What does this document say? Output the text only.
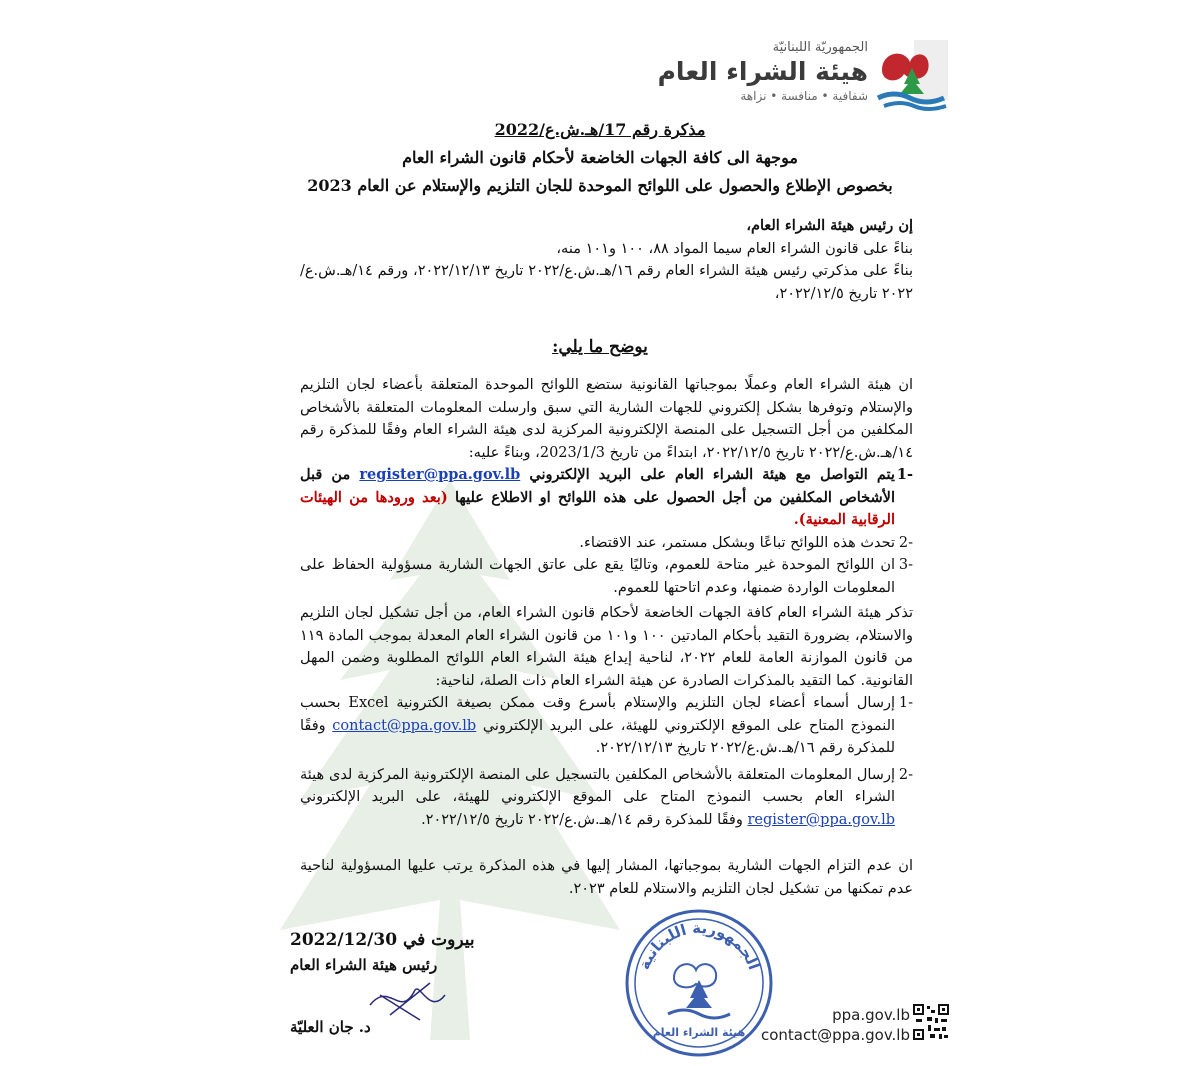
الجمهوريّة اللبنانيّة
هيئة الشراء العام
شفافية • منافسة • نزاهة
مذكرة رقم 17/هـ.ش.ع/2022
موجهة الى كافة الجهات الخاضعة لأحكام قانون الشراء العام
بخصوص الإطلاع والحصول على اللوائح الموحدة للجان التلزيم والإستلام عن العام 2023
إن رئيس هيئة الشراء العام،
بناءً على قانون الشراء العام سيما المواد ٨٨، ١٠٠ و١٠١ منه،
بناءً على مذكرتي رئيس هيئة الشراء العام رقم ١٦/هـ.ش.ع/٢٠٢٢ تاريخ ٢٠٢٢/١٢/١٣، ورقم ١٤/هـ.ش.ع/٢٠٢٢ تاريخ ٢٠٢٢/١٢/٥،
يوضح ما يلي:
ان هيئة الشراء العام وعملًا بموجباتها القانونية ستضع اللوائح الموحدة المتعلقة بأعضاء لجان التلزيم والإستلام وتوفرها بشكل إلكتروني للجهات الشارية التي سبق وارسلت المعلومات المتعلقة بالأشخاص المكلفين من أجل التسجيل على المنصة الإلكترونية المركزية لدى هيئة الشراء العام وفقًا للمذكرة رقم ١٤/هـ.ش.ع/٢٠٢٢ تاريخ ٢٠٢٢/١٢/٥، ابتداءً من تاريخ 2023/1/3، وبناءً عليه:
-1
يتم التواصل مع هيئة الشراء العام على البريد الإلكتروني register@ppa.gov.lb من قبل الأشخاص المكلفين من أجل الحصول على هذه اللوائح او الاطلاع عليها (بعد ورودها من الهيئات الرقابية المعنية).
-2
تحدث هذه اللوائح تباعًا وبشكل مستمر، عند الاقتضاء.
-3
ان اللوائح الموحدة غير متاحة للعموم، وتاليًا يقع على عاتق الجهات الشارية مسؤولية الحفاظ على المعلومات الواردة ضمنها، وعدم اتاحتها للعموم.
تذكر هيئة الشراء العام كافة الجهات الخاضعة لأحكام قانون الشراء العام، من أجل تشكيل لجان التلزيم والاستلام، بضرورة التقيد بأحكام المادتين ١٠٠ و١٠١ من قانون الشراء العام المعدلة بموجب المادة ١١٩ من قانون الموازنة العامة للعام ٢٠٢٢، لناحية إيداع هيئة الشراء العام اللوائح المطلوبة وضمن المهل القانونية. كما التقيد بالمذكرات الصادرة عن هيئة الشراء العام ذات الصلة، لناحية:
-1
إرسال أسماء أعضاء لجان التلزيم والإستلام بأسرع وقت ممكن بصيغة الكترونية Excel بحسب النموذج المتاح على الموقع الإلكتروني للهيئة، على البريد الإلكتروني contact@ppa.gov.lb وفقًا للمذكرة رقم ١٦/هـ.ش.ع/٢٠٢٢ تاريخ ٢٠٢٢/١٢/١٣.
-2
إرسال المعلومات المتعلقة بالأشخاص المكلفين بالتسجيل على المنصة الإلكترونية المركزية لدى هيئة الشراء العام بحسب النموذج المتاح على الموقع الإلكتروني للهيئة، على البريد الإلكتروني register@ppa.gov.lb وفقًا للمذكرة رقم ١٤/هـ.ش.ع/٢٠٢٢ تاريخ ٢٠٢٢/١٢/٥.
ان عدم التزام الجهات الشارية بموجباتها، المشار إليها في هذه المذكرة يرتب عليها المسؤولية لناحية عدم تمكنها من تشكيل لجان التلزيم والاستلام للعام ٢٠٢٣.
بيروت في 2022/12/30
رئيس هيئة الشراء العام
د. جان العليّة
الجمهورية اللبنانية
هيئة الشراء العام
ppa.gov.lb
contact@ppa.gov.lb
